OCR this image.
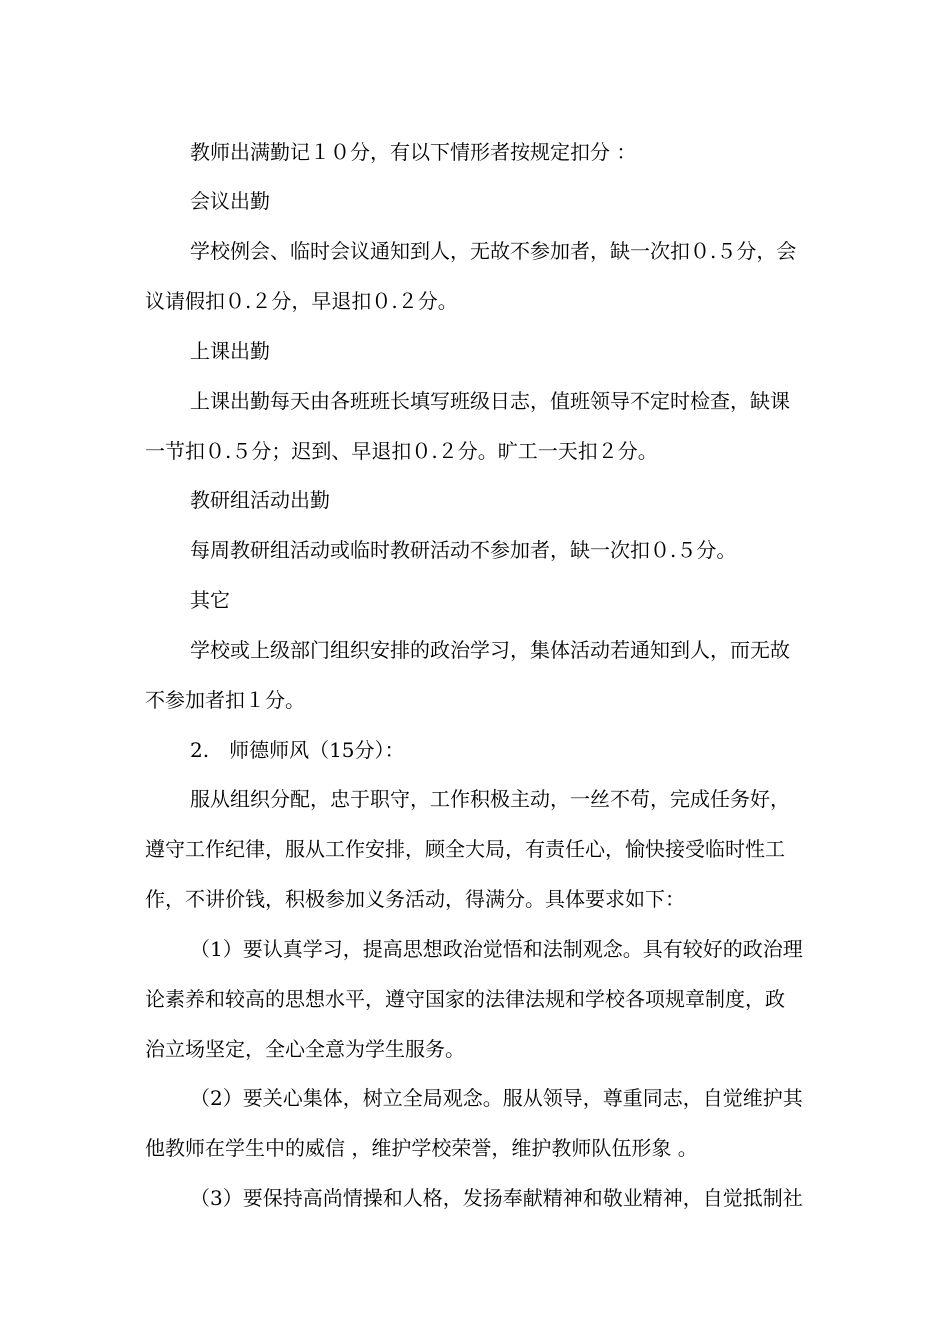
教师出满勤记１０分，有以下情形者按规定扣分 ：
会议出勤
学校例会、临时会议通知到人，无故不参加者，缺一次扣０.５分，会
议请假扣０.２分，早退扣０.２分。
上课出勤
上课出勤每天由各班班长填写班级日志，值班领导不定时检查，缺课
一节扣０.５分；迟到、早退扣０.２分。旷工一天扣２分。
教研组活动出勤
每周教研组活动或临时教研活动不参加者，缺一次扣０.５分。
其它
学校或上级部门组织安排的政治学习，集体活动若通知到人，而无故
不参加者扣１分。
2.　师德师风（15分）：
服从组织分配，忠于职守，工作积极主动，一丝不苟，完成任务好，
遵守工作纪律，服从工作安排，顾全大局，有责任心，愉快接受临时性工
作，不讲价钱，积极参加义务活动，得满分。具体要求如下：
（1）要认真学习，提高思想政治觉悟和法制观念。具有较好的政治理
论素养和较高的思想水平，遵守国家的法律法规和学校各项规章制度，政
治立场坚定，全心全意为学生服务。
（2）要关心集体，树立全局观念。服从领导，尊重同志，自觉维护其
他教师在学生中的威信 ，维护学校荣誉，维护教师队伍形象 。
（3）要保持高尚情操和人格，发扬奉献精神和敬业精神，自觉抵制社
